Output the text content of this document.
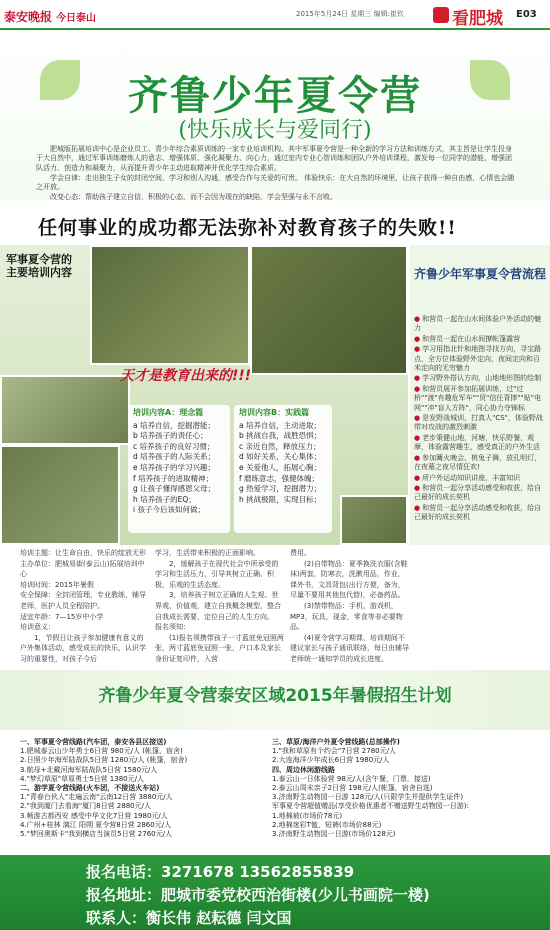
泰安晚报 今日泰山	2015年5月24日 星期三 编辑:崔钦	看肥城 E03
齐鲁少年夏令营
(快乐成长与爱同行)

肥城版拓展培训中心是企业员工、青少年综合素质训练的一家专业培训机构。其中军事夏令营是一种全新的学习方法和训练方式，其主旨是让学生投身于大自然中，通过军事训练磨炼人的意志、增强体质、强化凝聚力、向心力，通过室内专业心智训练和团队户外培训课程，激发每一位同学的潜能，增强团队活力、创造力和凝聚力，从而提升青少年主动进取精神并优化学生综合素质。

学会自律：走出独生子女的封闭空间，学习和别人沟通，感受合作与关爱的可贵。 体验快乐：在大自然的环境里，让孩子获得一种自由感，心情也会随之开放。

改变心态：帮助孩子建立自信，积极的心态，而不会因为现在的缺陷，学会坚强与永不言败。

任何事业的成功都无法弥补对教育孩子的失败!!
军事夏令营的主要培训内容
天才是教育出来的!!!
培训内容A：理念篇
a 培养自信，挖掘潜能；
b 培养孩子的责任心；
c 培养孩子的良好习惯；
d 培养孩子的人际关系；
e 培养孩子的学习兴趣；
f 培养孩子的进取精神；
g 让孩子懂得感恩父母；
h 培养孩子的EQ；
i 孩子今后该如何做；
培训内容B：实践篇
a 培养自信，主动进取；
b 挑战自我，战胜恐惧；
c 亲近自然，释放压力；
d 如好关系，关心集体；
e 关爱他人，拓展心胸；
f 磨练意志，强健体魄；
g 热爱学习，挖掘潜力；
h 挑战极限，实现目标；
齐鲁少年军事夏令营流程
● 和营员一起在山水间体验户外活动的魅力
● 和营员一起在山水间撩帐篷露营
● 学习用指北针和地图寻找方向，寻宝路点，全方位体验野外定向，夜间定向和百米定向的无穷魅力
● 学习野外搭认方向，山地地形图的绘制
● 和营员展开参加拓展训练，过"过桥""渡"有趣危军车""贸"信任背摔""贴"电网""冲"盲人方阵"，同心协力夺锦标
● 是发野战城训，打真人"CS"，体验野战带对攻战的激烈刺激
● 老步策健山地，河塘，快乐野餐，观摩，体验露营趣生，感受真正的户外生活
● 参加篝火晚会，桃兔子舞，放孔明灯，在夜幕之夜尽情狂欢!
● 所户外运动知识讲座，丰富知识
● 和营员一起分享活动感受和收获，给自己最好的成长契机
● 和营员一起分享活动感受和收获，给自己最好的成长契机
培训主题：让生命自由，快乐的绽放无形
主办单位：肥城易街(泰云山)拓展培训中心
培训时间：2015年暑假
安全保障：全封闭管理，专业教练，辅导老师，医护人员全程陪护。
适宜年龄：7—15岁中小学
培训意义：
1，节假日让孩子参加健康有意义的户外集体活动，感受成长的快乐，认识学习的重要性，对孩子今后
学习，生活带来积极的正面影响。
2，缓解孩子在现代社会中所承受的学习和生活压力，引导其树立正确、积极，乐观的生活态度。
3，培养孩子树立正确的人生观、世界观、价值观，建立自我概念模型，整合自我成长需要，定位自己的人生方向。
报名须知：
(1)报名须携带孩子一寸蓝底免冠照两张，两寸蓝底免冠照一张，户口本及家长身份证复印件，入营
费用。
(2)自带物品：夏季换洗衣服(含鞋袜)两套，防寒衣，洗漱用品，作业，课外书，文具背包(出行方便，备为，尽量不要用其他包代替)，必备药品。
(3)禁带物品：手机，游戏机，MP3，玩具，现金，零食等非必要物品。
(4)夏令营学习期课，培训期间不建议家长与孩子通讯联络，每日由辅导老师统一通知学员的成长进度。
齐鲁少年夏令营泰安区域2015年暑假招生计划
一、军事夏令营线路(汽车团，泰安各县区接送)
1.肥城泰云山少年勇士6日营 980元/人 (帐篷，宿舍)
2.日照少年海军陆战队5日营 1280元/人 (帐篷，宿舍)
3.航母+北戴河海军陆战队5日营 1580元/人
4."梦幻草原"草原勇士5日营 1380元/人
二、游学夏令营线路(火车团，不接送火车站)
1."青春台伙人"走遍云南"云南12日营 3880元/人
2."我到厦门去看海"厦门8日营 2880元/人
3.畅游古都西安 感受中华文化7日营 1980元/人
4.广州+桂林 漓江 阳朔 夏令营8日营 2860元/人
5."梦回奥斯卡"我到横店当演员5日营 2760元/人
三、草原/海洋户外夏令营线路(总部操作)
1."我和草原有个约会"7日营 2780元/人
2.大连海洋少年成长6日营 1980元/人
四、周边休闲游线路
1.泰云山一日体验营 98元/人(含午餐，门票，接送)
2.泰云山周末亲子2日营 198元/人(帐篷，宿舍自选)
3.济南野生动物园一日游 128元/人(只限学生并提供学生证件)
军事夏令营超值赠品(享受价格优惠者不赠送野生动物园一日游):
1.地棉被(市场价78元)
2.地棉迷彩T恤，短裤(市场价88元)
3.济南野生动物园一日游(市场价128元)
报名电话：3271678 13562855839
报名地址：肥城市委党校西治街楼(少儿书画院一楼)
联系人：衡长伟 赵耘德 闫文国
